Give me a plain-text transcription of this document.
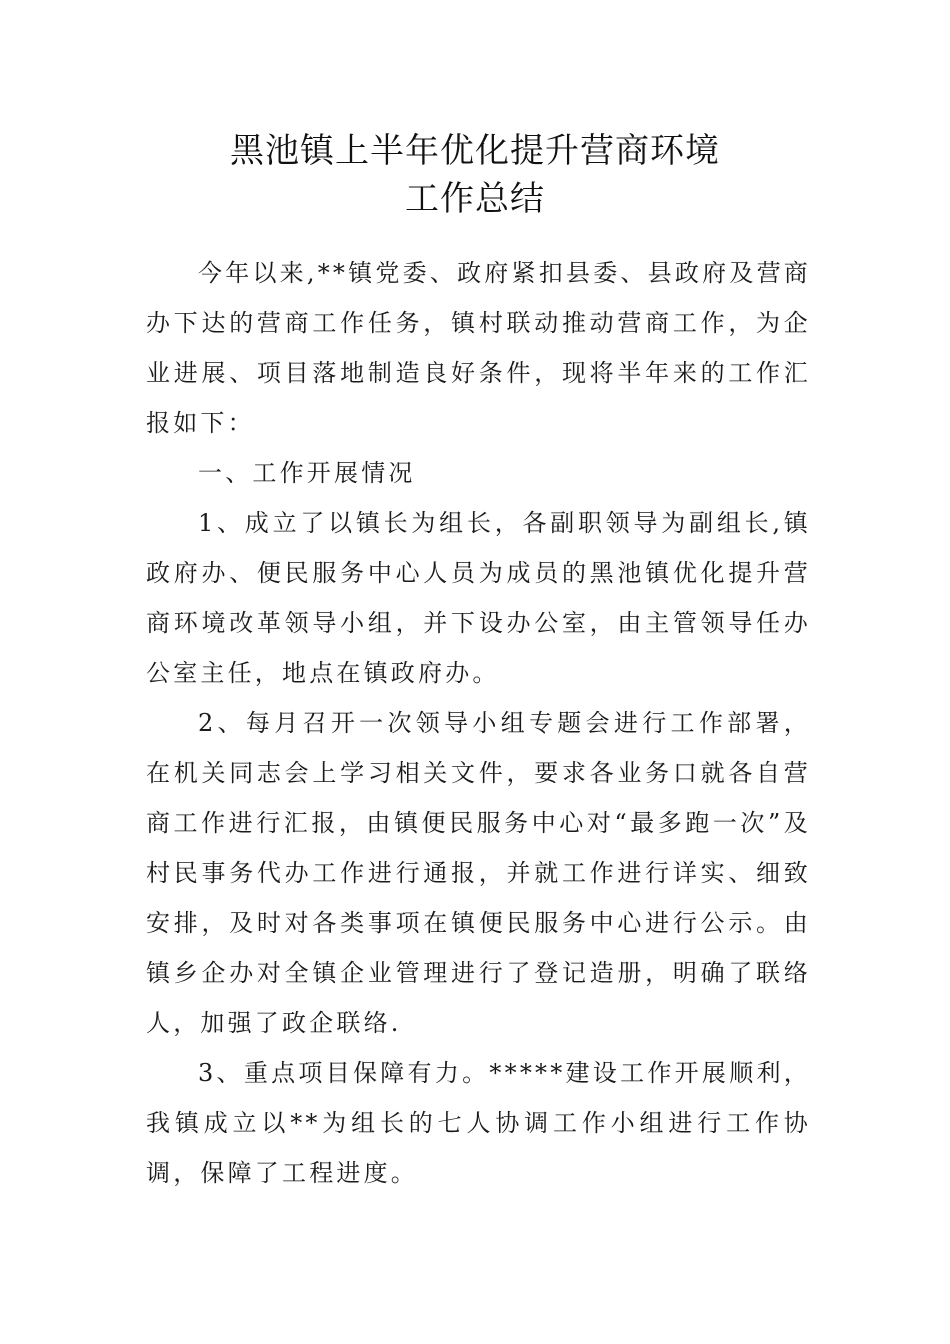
黑池镇上半年优化提升营商环境
工作总结

今年以来,**镇党委、政府紧扣县委、县政府及营商办下达的营商工作任务，镇村联动推动营商工作，为企业进展、项目落地制造良好条件，现将半年来的工作汇报如下：

一、工作开展情况

1、成立了以镇长为组长，各副职领导为副组长,镇政府办、便民服务中心人员为成员的黑池镇优化提升营商环境改革领导小组，并下设办公室，由主管领导任办公室主任，地点在镇政府办。

2、每月召开一次领导小组专题会进行工作部署，在机关同志会上学习相关文件，要求各业务口就各自营商工作进行汇报，由镇便民服务中心对“最多跑一次”及村民事务代办工作进行通报，并就工作进行详实、细致安排，及时对各类事项在镇便民服务中心进行公示。由镇乡企办对全镇企业管理进行了登记造册，明确了联络人，加强了政企联络.

3、重点项目保障有力。*****建设工作开展顺利，我镇成立以**为组长的七人协调工作小组进行工作协调，保障了工程进度。
